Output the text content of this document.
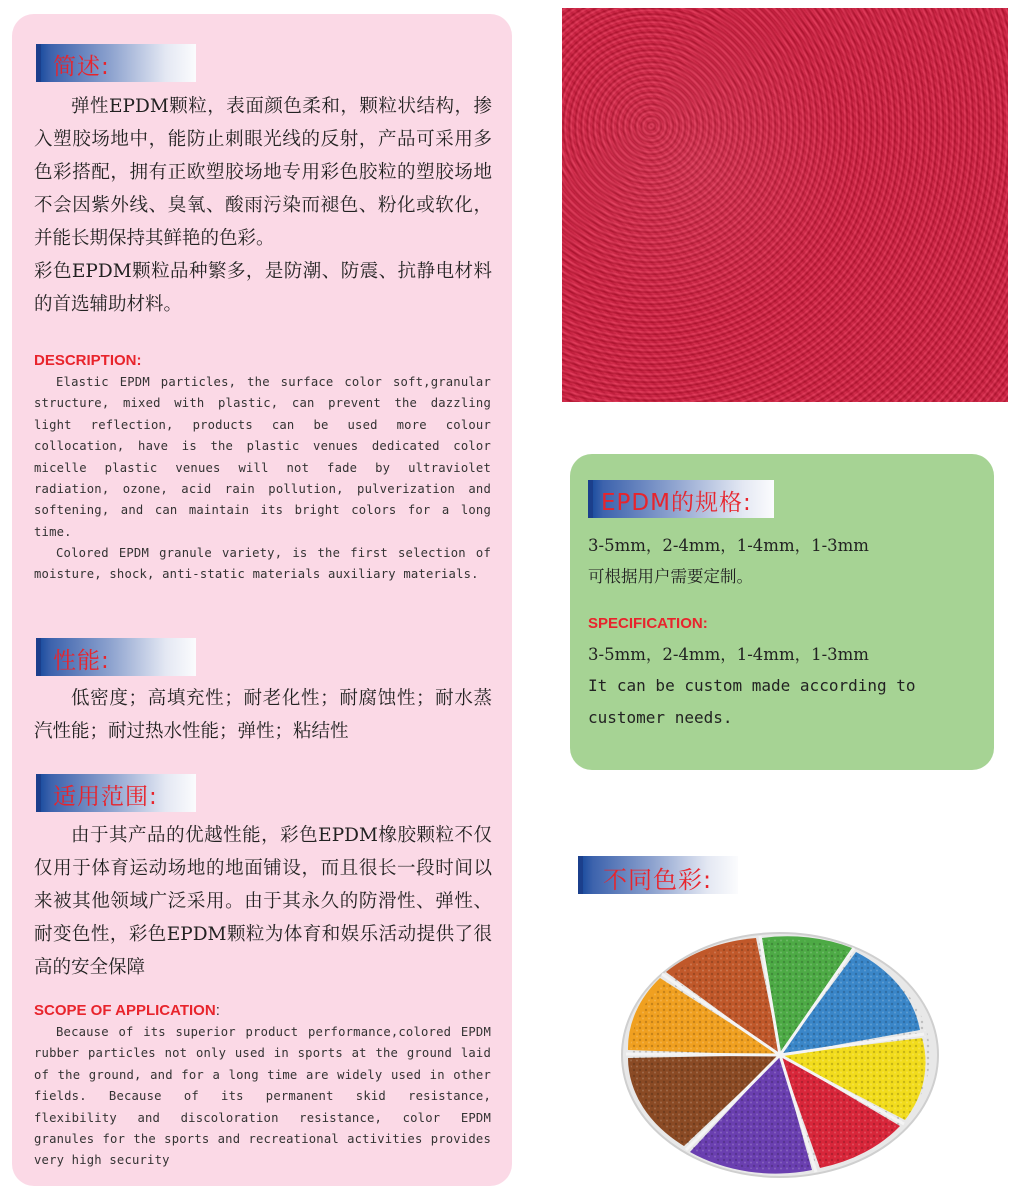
简述:

弹性EPDM颗粒，表面颜色柔和，颗粒状结构，掺入塑胶场地中，能防止刺眼光线的反射，产品可采用多色彩搭配，拥有正欧塑胶场地专用彩色胶粒的塑胶场地不会因紫外线、臭氧、酸雨污染而褪色、粉化或软化，并能长期保持其鲜艳的色彩。

彩色EPDM颗粒品种繁多，是防潮、防震、抗静电材料的首选辅助材料。

DESCRIPTION:

Elastic EPDM particles, the surface color soft,granular structure, mixed with plastic, can prevent the dazzling light reflection, products can be used more colour collocation, have is the plastic venues dedicated color micelle plastic venues will not fade by ultraviolet radiation, ozone, acid rain pollution, pulverization and softening, and can maintain its bright colors for a long time.

Colored EPDM granule variety, is the first selection of moisture, shock, anti-static materials auxiliary materials.

性能:

低密度；高填充性；耐老化性；耐腐蚀性；耐水蒸汽性能；耐过热水性能；弹性；粘结性

适用范围:

由于其产品的优越性能，彩色EPDM橡胶颗粒不仅仅用于体育运动场地的地面铺设，而且很长一段时间以来被其他领域广泛采用。由于其永久的防滑性、弹性、耐变色性，彩色EPDM颗粒为体育和娱乐活动提供了很高的安全保障

SCOPE OF APPLICATION:

Because of its superior product performance,colored EPDM rubber particles not only used in sports at the ground laid of the ground, and for a long time are widely used in other fields. Because of its permanent skid resistance, flexibility and discoloration resistance, color EPDM granules for the sports and recreational activities provides very high security

EPDM的规格:

3-5mm，2-4mm，1-4mm，1-3mm

可根据用户需要定制。

SPECIFICATION:

3-5mm，2-4mm，1-4mm，1-3mm

It can be custom made according to customer needs.

不同色彩:
